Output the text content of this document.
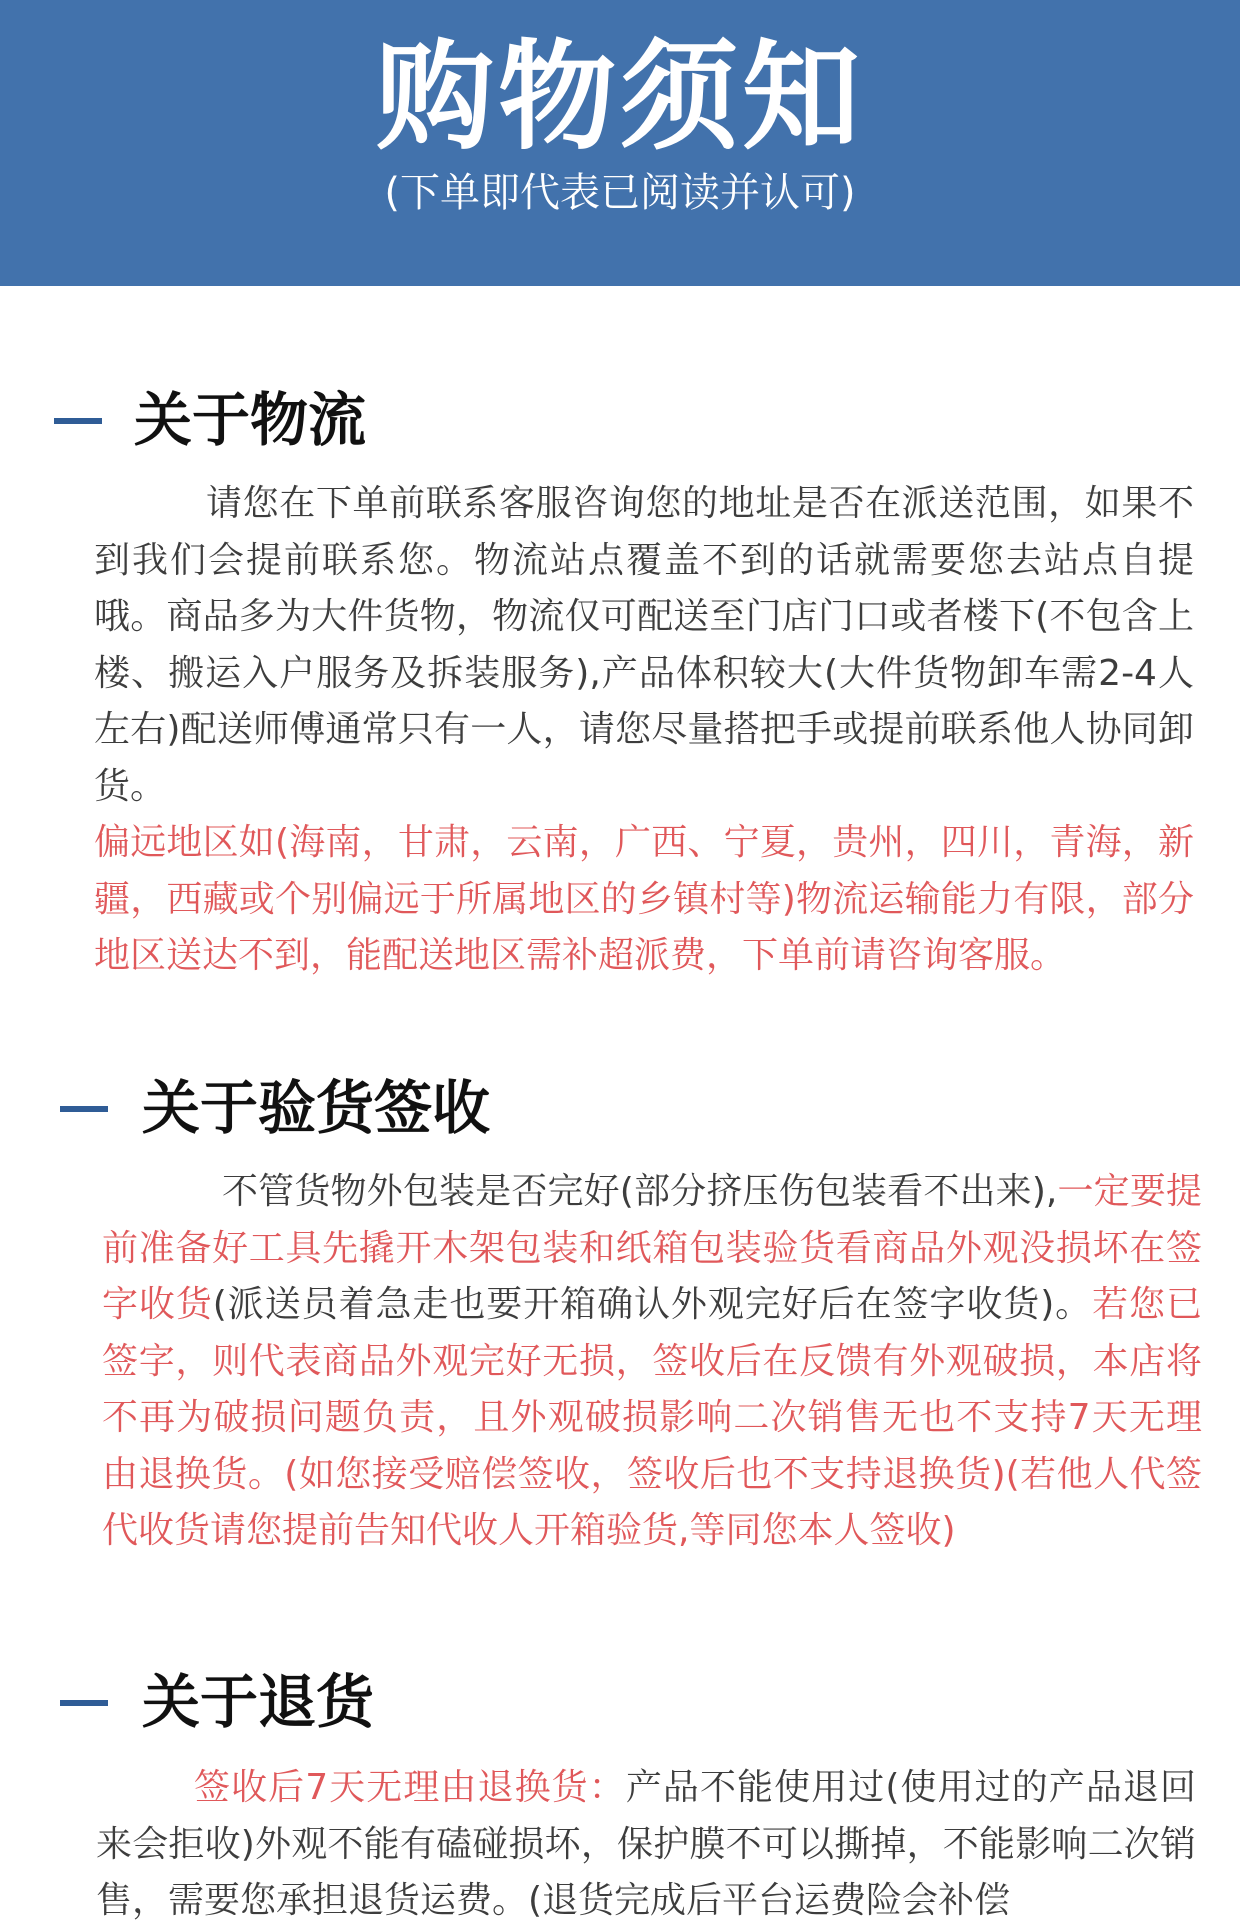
购物须知
(下单即代表已阅读并认可)
关于物流
请您在下单前联系客服咨询您的地址是否在派送范围，如果不到我们会提前联系您。物流站点覆盖不到的话就需要您去站点自提哦。商品多为大件货物，物流仅可配送至门店门口或者楼下(不包含上楼、搬运入户服务及拆装服务),产品体积较大(大件货物卸车需2-4人左右)配送师傅通常只有一人，请您尽量搭把手或提前联系他人协同卸货。
偏远地区如(海南，甘肃，云南，广西、宁夏，贵州，四川，青海，新疆，西藏或个别偏远于所属地区的乡镇村等)物流运输能力有限，部分地区送达不到，能配送地区需补超派费，下单前请咨询客服。
关于验货签收
不管货物外包装是否完好(部分挤压伤包装看不出来),一定要提前准备好工具先撬开木架包装和纸箱包装验货看商品外观没损坏在签字收货(派送员着急走也要开箱确认外观完好后在签字收货)。若您已签字，则代表商品外观完好无损，签收后在反馈有外观破损，本店将不再为破损问题负责，且外观破损影响二次销售无也不支持7天无理由退换货。(如您接受赔偿签收，签收后也不支持退换货)(若他人代签代收货请您提前告知代收人开箱验货,等同您本人签收)
关于退货
签收后7天无理由退换货：产品不能使用过(使用过的产品退回来会拒收)外观不能有磕碰损坏，保护膜不可以撕掉，不能影响二次销售，需要您承担退货运费。(退货完成后平台运费险会补偿
